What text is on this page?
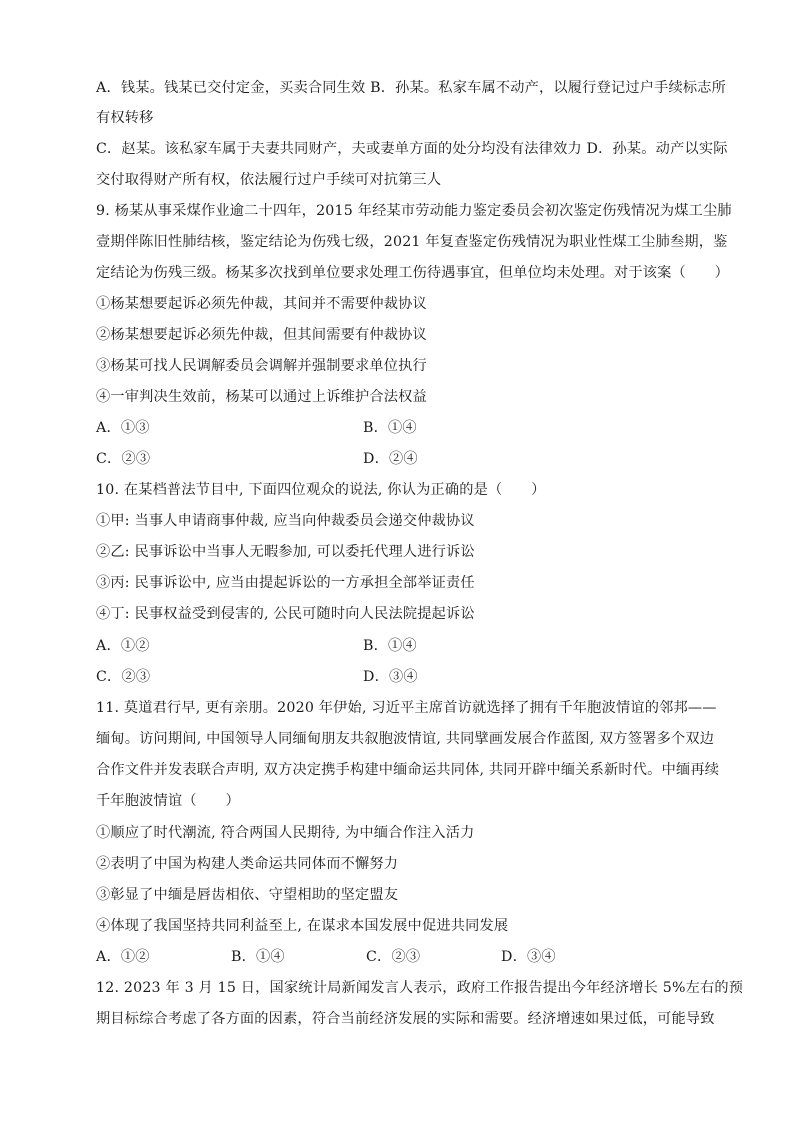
A．钱某。钱某已交付定金，买卖合同生效 B．孙某。私家车属不动产，以履行登记过户手续标志所
有权转移
C．赵某。该私家车属于夫妻共同财产，夫或妻单方面的处分均没有法律效力 D．孙某。动产以实际
交付取得财产所有权，依法履行过户手续可对抗第三人
9. 杨某从事采煤作业逾二十四年，2015 年经某市劳动能力鉴定委员会初次鉴定伤残情况为煤工尘肺
壹期伴陈旧性肺结核，鉴定结论为伤残七级，2021 年复查鉴定伤残情况为职业性煤工尘肺叁期，鉴
定结论为伤残三级。杨某多次找到单位要求处理工伤待遇事宜，但单位均未处理。对于该案（　　）
①杨某想要起诉必须先仲裁，其间并不需要仲裁协议
②杨某想要起诉必须先仲裁，但其间需要有仲裁协议
③杨某可找人民调解委员会调解并强制要求单位执行
④一审判决生效前，杨某可以通过上诉维护合法权益
A．①③	B．①④
C．②③	D．②④
10. 在某档普法节目中, 下面四位观众的说法, 你认为正确的是（　　）
①甲: 当事人申请商事仲裁, 应当向仲裁委员会递交仲裁协议
②乙: 民事诉讼中当事人无暇参加, 可以委托代理人进行诉讼
③丙: 民事诉讼中, 应当由提起诉讼的一方承担全部举证责任
④丁: 民事权益受到侵害的, 公民可随时向人民法院提起诉讼
A．①②	B．①④
C．②③	D．③④
11. 莫道君行早, 更有亲朋。2020 年伊始, 习近平主席首访就选择了拥有千年胞波情谊的邻邦——
缅甸。访问期间, 中国领导人同缅甸朋友共叙胞波情谊, 共同擘画发展合作蓝图, 双方签署多个双边
合作文件并发表联合声明, 双方决定携手构建中缅命运共同体, 共同开辟中缅关系新时代。中缅再续
千年胞波情谊（　　）
①顺应了时代潮流, 符合两国人民期待, 为中缅合作注入活力
②表明了中国为构建人类命运共同体而不懈努力
③彰显了中缅是唇齿相依、守望相助的坚定盟友
④体现了我国坚持共同利益至上, 在谋求本国发展中促进共同发展
A．①②	B．①④	C．②③	D．③④
12. 2023 年 3 月 15 日，国家统计局新闻发言人表示，政府工作报告提出今年经济增长 5%左右的预
期目标综合考虑了各方面的因素，符合当前经济发展的实际和需要。经济增速如果过低，可能导致
